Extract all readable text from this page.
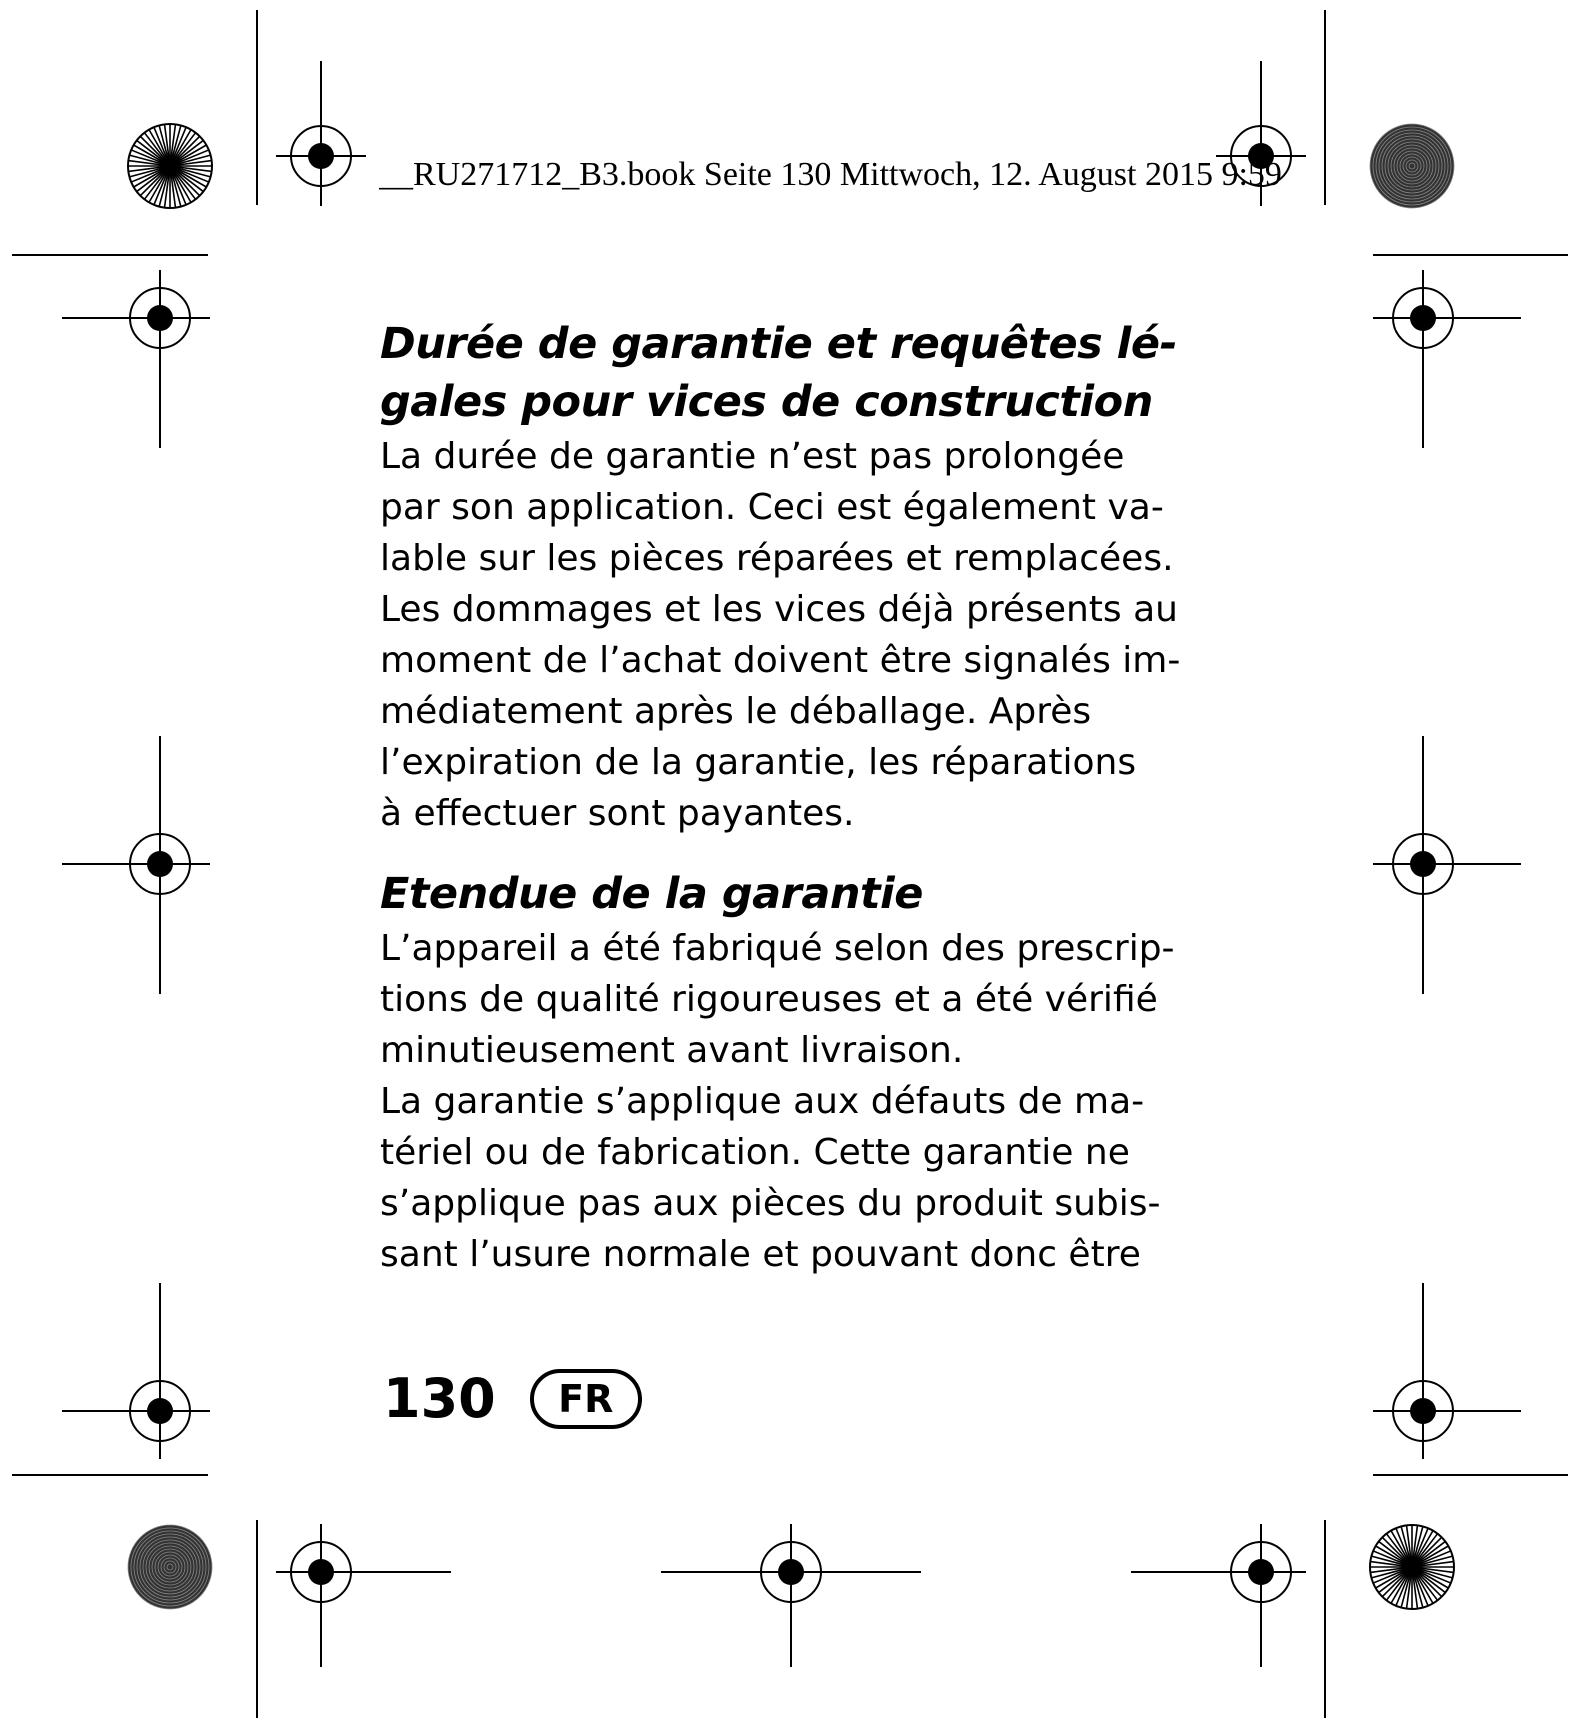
__RU271712_B3.book Seite 130 Mittwoch, 12. August 2015 9:59
Durée de garantie et requêtes lé-
gales pour vices de construction

La durée de garantie n’est pas prolongée
par son application. Ceci est également va-
lable sur les pièces réparées et remplacées.
Les dommages et les vices déjà présents au
moment de l’achat doivent être signalés im-
médiatement après le déballage. Après
l’expiration de la garantie, les réparations
à effectuer sont payantes.

Etendue de la garantie

L’appareil a été fabriqué selon des prescrip-
tions de qualité rigoureuses et a été vérifié
minutieusement avant livraison.
La garantie s’applique aux défauts de ma-
tériel ou de fabrication. Cette garantie ne
s’applique pas aux pièces du produit subis-
sant l’usure normale et pouvant donc être

130	FR
